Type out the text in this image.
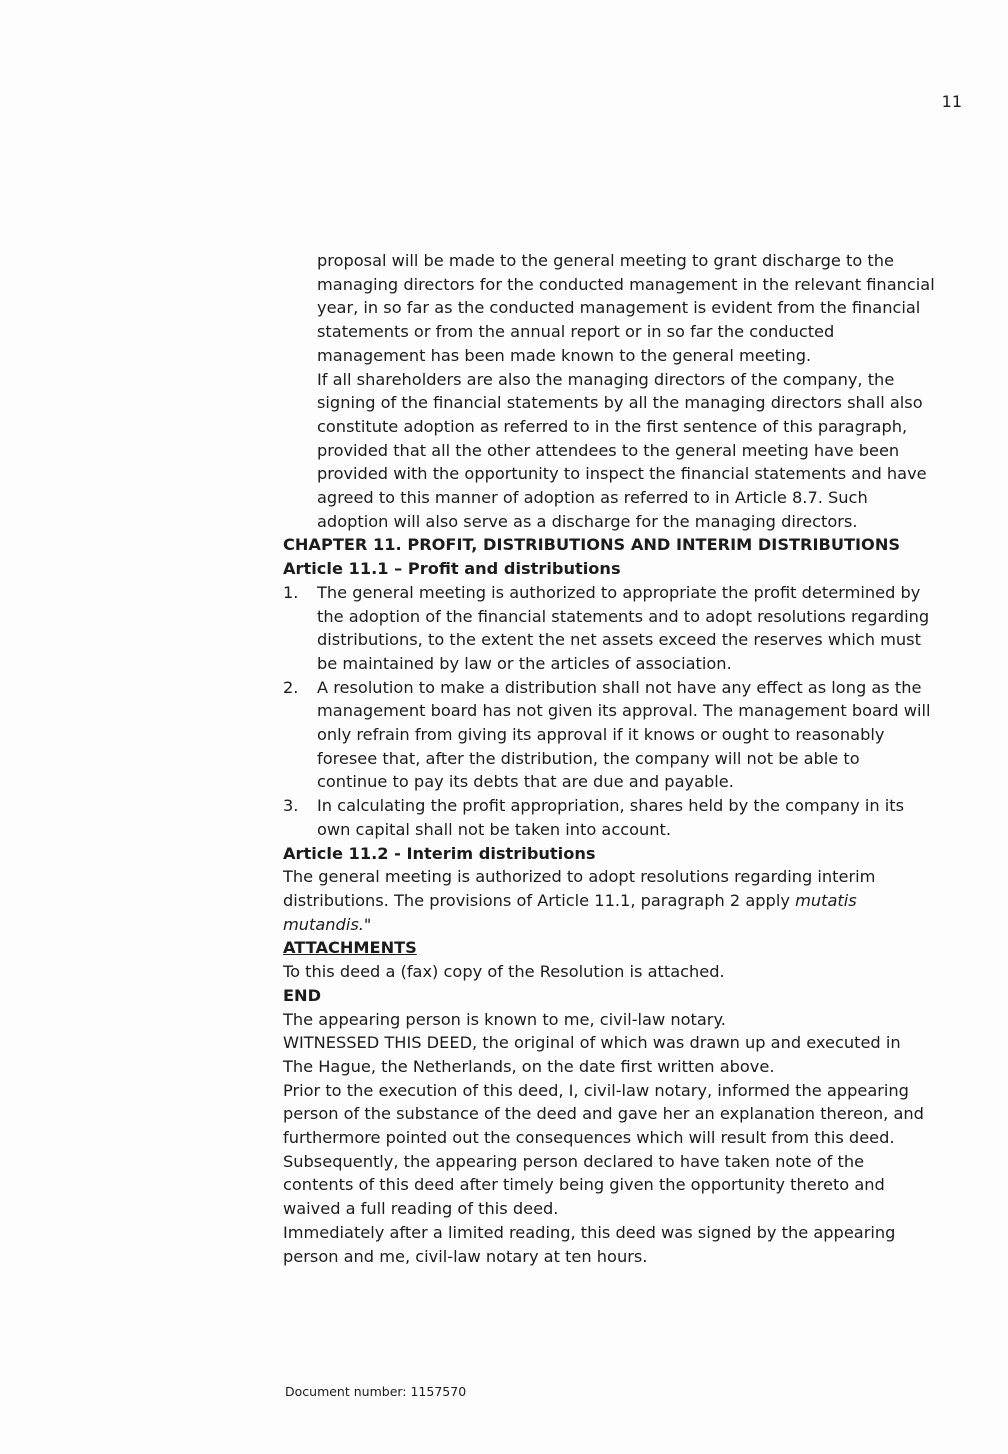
11
proposal will be made to the general meeting to grant discharge to the
managing directors for the conducted management in the relevant financial
year, in so far as the conducted management is evident from the financial
statements or from the annual report or in so far the conducted
management has been made known to the general meeting.
If all shareholders are also the managing directors of the company, the
signing of the financial statements by all the managing directors shall also
constitute adoption as referred to in the first sentence of this paragraph,
provided that all the other attendees to the general meeting have been
provided with the opportunity to inspect the financial statements and have
agreed to this manner of adoption as referred to in Article 8.7. Such
adoption will also serve as a discharge for the managing directors.
CHAPTER 11. PROFIT, DISTRIBUTIONS AND INTERIM DISTRIBUTIONS
Article 11.1 – Profit and distributions
1.	The general meeting is authorized to appropriate the profit determined by
the adoption of the financial statements and to adopt resolutions regarding
distributions, to the extent the net assets exceed the reserves which must
be maintained by law or the articles of association.
2.	A resolution to make a distribution shall not have any effect as long as the
management board has not given its approval. The management board will
only refrain from giving its approval if it knows or ought to reasonably
foresee that, after the distribution, the company will not be able to
continue to pay its debts that are due and payable.
3.	In calculating the profit appropriation, shares held by the company in its
own capital shall not be taken into account.
Article 11.2 - Interim distributions
The general meeting is authorized to adopt resolutions regarding interim
distributions. The provisions of Article 11.1, paragraph 2 apply mutatis
mutandis."
ATTACHMENTS
To this deed a (fax) copy of the Resolution is attached.
END
The appearing person is known to me, civil-law notary.
WITNESSED THIS DEED, the original of which was drawn up and executed in
The Hague, the Netherlands, on the date first written above.
Prior to the execution of this deed, I, civil-law notary, informed the appearing
person of the substance of the deed and gave her an explanation thereon, and
furthermore pointed out the consequences which will result from this deed.
Subsequently, the appearing person declared to have taken note of the
contents of this deed after timely being given the opportunity thereto and
waived a full reading of this deed.
Immediately after a limited reading, this deed was signed by the appearing
person and me, civil-law notary at ten hours.
Document number: 1157570
